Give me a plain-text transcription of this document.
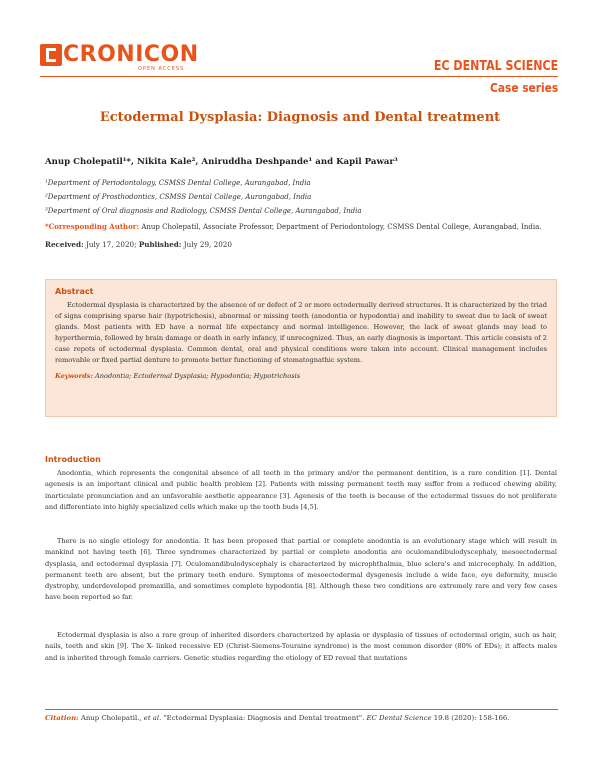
CRONICON
OPEN ACCESS	EC DENTAL SCIENCE
Case series
Ectodermal Dysplasia: Diagnosis and Dental treatment
Anup Cholepatil¹*, Nikita Kale², Aniruddha Deshpande¹ and Kapil Pawar³
¹Department of Periodontology, CSMSS Dental College, Aurangabad, India
²Department of Prosthodontics, CSMSS Dental College, Aurangabad, India
³Department of Oral diagnosis and Radiology, CSMSS Dental College, Aurangabad, India
*Corresponding Author: Anup Cholepatil, Associate Professor, Department of Periodontology, CSMSS Dental College, Aurangabad, India.
Received: July 17, 2020; Published: July 29, 2020
Abstract

Ectodermal dysplasia is characterized by the absence of or defect of 2 or more ectodermally derived structures. It is characterized by the triad of signs comprising sparse hair (hypotrichosis), abnormal or missing teeth (anodontia or hypodontia) and inability to sweat due to lack of sweat glands. Most patients with ED have a normal life expectancy and normal intelligence. However, the lack of sweat glands may lead to hyperthermia, followed by brain damage or death in early infancy, if unrecognized. Thus, an early diagnosis is important. This article consists of 2 case repots of ectodermal dysplasia. Common dental, oral and physical conditions were taken into account. Clinical management includes removable or fixed partial denture to promote better functioning of stomatognathic system.

Keywords: Anodontia; Ectodermal Dysplasia; Hypodontia; Hypotrichosis
Introduction

Anodontia, which represents the congenital absence of all teeth in the primary and/or the permanent dentition, is a rare condition [1]. Dental agenesis is an important clinical and public health problem [2]. Patients with missing permanent teeth may suffer from a reduced chewing ability, inarticulate pronunciation and an unfavorable aesthetic appearance [3]. Agenesis of the teeth is because of the ectodermal tissues do not proliferate and differentiate into highly specialized cells which make up the tooth buds [4,5].

There is no single etiology for anodontia. It has been proposed that partial or complete anodontia is an evolutionary stage which will result in mankind not having teeth [6]. Three syndromes characterized by partial or complete anodontia are oculomandibulodyscephaly, mesoectodermal dysplasia, and ectodermal dysplasia [7]. Oculomandibulodyscephaly is characterized by microphthalmia, blue sclera's and microcephaly. In addition, permanent teeth are absent, but the primary teeth endure. Symptoms of mesoectodermal dysgenesis include a wide face, eye deformity, muscle dystrophy, underdeveloped premaxilla, and sometimes complete hypodontia [8]. Although these two conditions are extremely rare and very few cases have been reported so far.

Ectodermal dysplasia is also a rare group of inherited disorders characterized by aplasia or dysplasia of tissues of ectodermal origin, such as hair, nails, teeth and skin [9]. The X- linked recessive ED (Christ-Siemens-Touraine syndrome) is the most common disorder (80% of EDs); it affects males and is inherited through female carriers. Genetic studies regarding the etiology of ED reveal that mutations

Citation: Anup Cholepatil., et al. "Ectodermal Dysplasia: Diagnosis and Dental treatment". EC Dental Science 19.8 (2020): 158-166.
